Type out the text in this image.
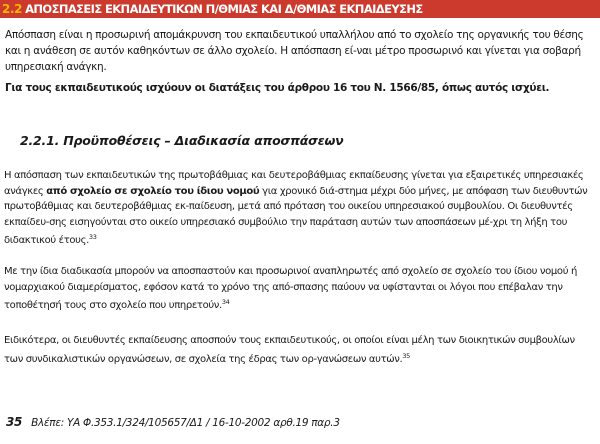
2.2 ΑΠΟΣΠΑΣΕΙΣ ΕΚΠΑΙΔΕΥΤΙΚΩΝ Π/ΘΜΙΑΣ ΚΑΙ Δ/ΘΜΙΑΣ ΕΚΠΑΙΔΕΥΣΗΣ

Απόσπαση είναι η προσωρινή απομάκρυνση του εκπαιδευτικού υπαλλήλου από το σχολείο της οργανικής του θέσης και η ανάθεση σε αυτόν καθηκόντων σε άλλο σχολείο. Η απόσπαση εί-ναι μέτρο προσωρινό και γίνεται για σοβαρή υπηρεσιακή ανάγκη.

Για τους εκπαιδευτικούς ισχύουν οι διατάξεις του άρθρου 16 του Ν. 1566/85, όπως αυτός ισχύει.

2.2.1. Προϋποθέσεις – Διαδικασία αποσπάσεων

Η απόσπαση των εκπαιδευτικών της πρωτοβάθμιας και δευτεροβάθμιας εκπαίδευσης γίνεται για εξαιρετικές υπηρεσιακές ανάγκες από σχολείο σε σχολείο του ίδιου νομού για χρονικό διά-στημα μέχρι δύο μήνες, με απόφαση των διευθυντών πρωτοβάθμιας και δευτεροβάθμιας εκ-παίδευση, μετά από πρόταση του οικείου υπηρεσιακού συμβουλίου. Οι διευθυντές εκπαίδευ-σης εισηγούνται στο οικείο υπηρεσιακό συμβούλιο την παράταση αυτών των αποσπάσεων μέ-χρι τη λήξη του διδακτικού έτους.$^{33}$

Με την ίδια διαδικασία μπορούν να αποσπαστούν και προσωρινοί αναπληρωτές από σχολείο σε σχολείο του ίδιου νομού ή νομαρχιακού διαμερίσματος, εφόσον κατά το χρόνο της από-σπασης παύουν να υφίστανται οι λόγοι που επέβαλαν την τοποθέτησή τους στο σχολείο που υπηρετούν.$^{34}$

Ειδικότερα, οι διευθυντές εκπαίδευσης αποσπούν τους εκπαιδευτικούς, οι οποίοι είναι μέλη των διοικητικών συμβουλίων των συνδικαλιστικών οργανώσεων, σε σχολεία της έδρας των ορ-γανώσεων αυτών.$^{35}$

35 Βλέπε: ΥΑ Φ.353.1/324/105657/Δ1 / 16-10-2002 αρθ.19 παρ.3
